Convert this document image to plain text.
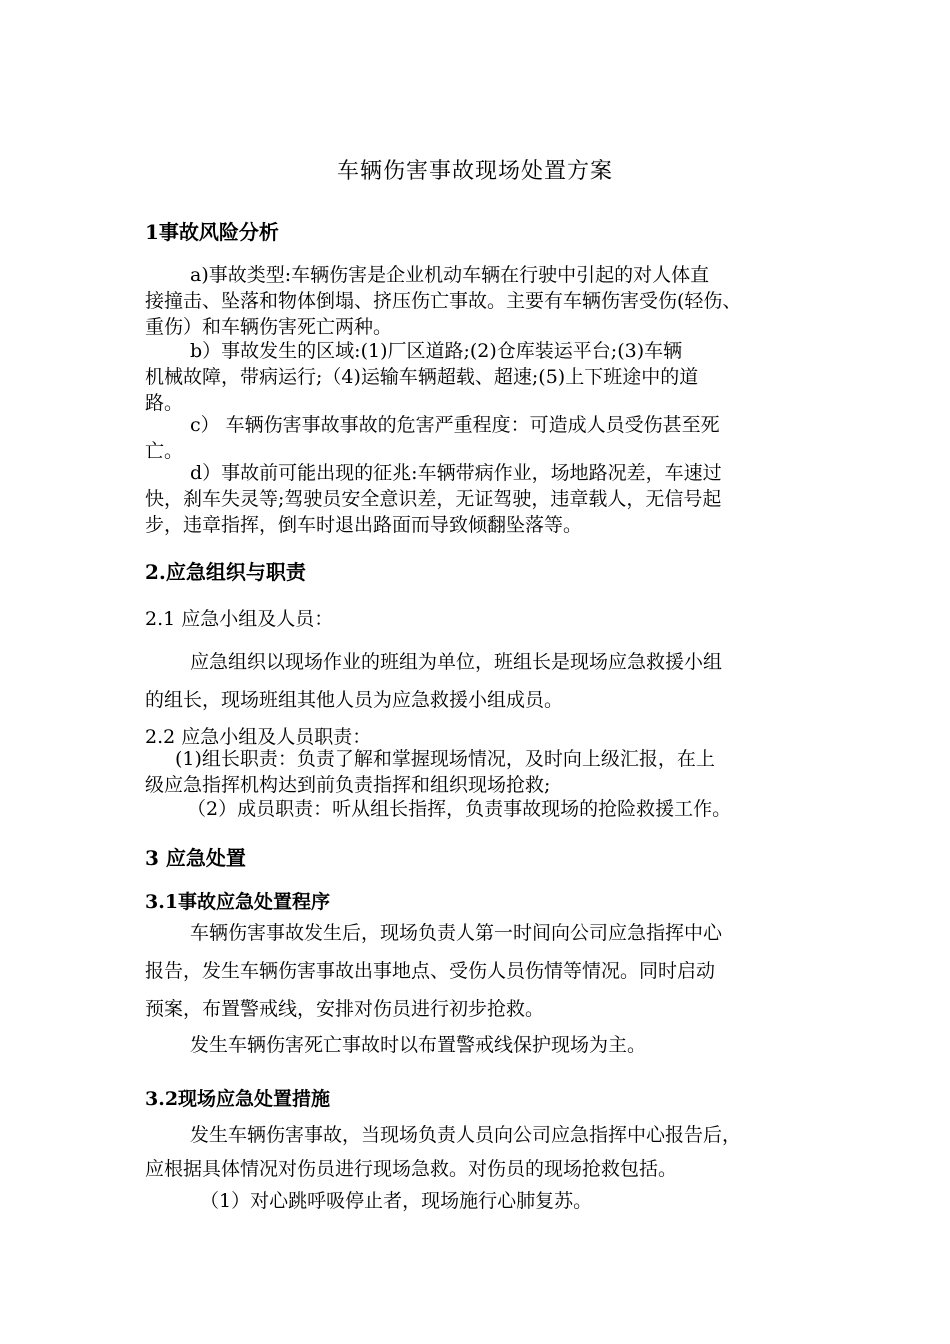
车辆伤害事故现场处置方案
1事故风险分析
a)事故类型:车辆伤害是企业机动车辆在行驶中引起的对人体直
接撞击、坠落和物体倒塌、挤压伤亡事故。主要有车辆伤害受伤(轻伤、
重伤）和车辆伤害死亡两种。
b）事故发生的区域:(1)厂区道路;(2)仓库装运平台;(3)车辆
机械故障，带病运行;（4)运输车辆超载、超速;(5)上下班途中的道
路。
c） 车辆伤害事故事故的危害严重程度：可造成人员受伤甚至死
亡。
d）事故前可能出现的征兆:车辆带病作业，场地路况差，车速过
快，刹车失灵等;驾驶员安全意识差，无证驾驶，违章载人，无信号起
步，违章指挥，倒车时退出路面而导致倾翻坠落等。
2.应急组织与职责
2.1 应急小组及人员：
应急组织以现场作业的班组为单位，班组长是现场应急救援小组
的组长，现场班组其他人员为应急救援小组成员。
2.2 应急小组及人员职责：
(1)组长职责：负责了解和掌握现场情况，及时向上级汇报，在上
级应急指挥机构达到前负责指挥和组织现场抢救;
（2）成员职责：听从组长指挥，负责事故现场的抢险救援工作。
3 应急处置
3.1事故应急处置程序
车辆伤害事故发生后，现场负责人第一时间向公司应急指挥中心
报告，发生车辆伤害事故出事地点、受伤人员伤情等情况。同时启动
预案，布置警戒线，安排对伤员进行初步抢救。
发生车辆伤害死亡事故时以布置警戒线保护现场为主。
3.2现场应急处置措施
发生车辆伤害事故，当现场负责人员向公司应急指挥中心报告后，
应根据具体情况对伤员进行现场急救。对伤员的现场抢救包括。
（1）对心跳呼吸停止者，现场施行心肺复苏。
